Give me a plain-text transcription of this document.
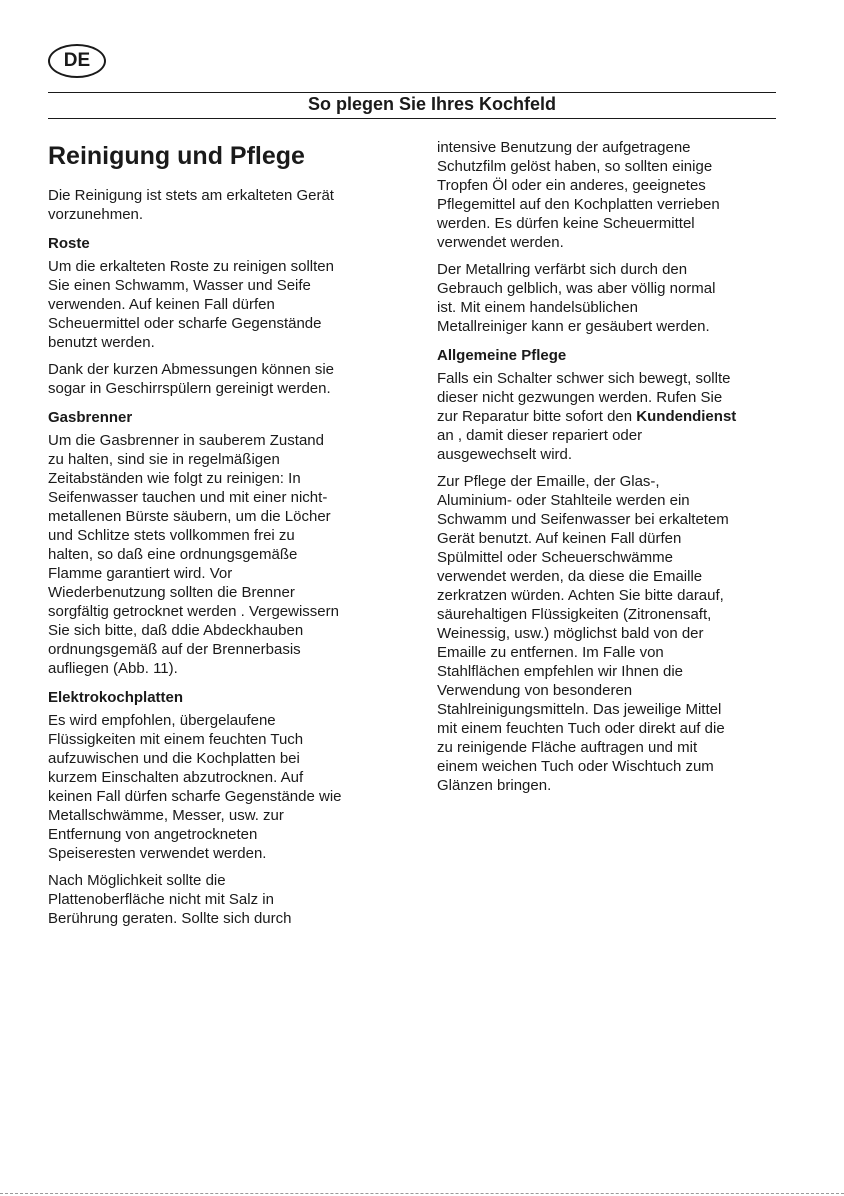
DE
So plegen Sie Ihres Kochfeld
Reinigung und Pflege
Die Reinigung ist stets am erkalteten Gerät
vorzunehmen.
Roste
Um die erkalteten Roste zu reinigen sollten
Sie einen Schwamm, Wasser und Seife
verwenden. Auf keinen Fall dürfen
Scheuermittel oder scharfe Gegenstände
benutzt werden.
Dank der kurzen Abmessungen können sie
sogar in Geschirrspülern gereinigt werden.
Gasbrenner
Um die Gasbrenner in sauberem Zustand
zu halten, sind sie in regelmäßigen
Zeitabständen wie folgt zu reinigen: In
Seifenwasser tauchen und mit einer nicht-
metallenen Bürste säubern, um die Löcher
und Schlitze stets vollkommen frei zu
halten, so daß eine ordnungsgemäße
Flamme garantiert wird. Vor
Wiederbenutzung sollten die Brenner
sorgfältig getrocknet werden . Vergewissern
Sie sich bitte, daß ddie Abdeckhauben
ordnungsgemäß auf der Brennerbasis
aufliegen (Abb. 11).
Elektrokochplatten
Es wird empfohlen, übergelaufene
Flüssigkeiten mit einem feuchten Tuch
aufzuwischen und die Kochplatten bei
kurzem Einschalten abzutrocknen. Auf
keinen Fall dürfen scharfe Gegenstände wie
Metallschwämme, Messer, usw. zur
Entfernung von angetrockneten
Speiseresten verwendet werden.
Nach Möglichkeit sollte die
Plattenoberfläche nicht mit Salz in
Berührung geraten. Sollte sich durch
intensive Benutzung der aufgetragene
Schutzfilm gelöst haben, so sollten einige
Tropfen Öl oder ein anderes, geeignetes
Pflegemittel auf den Kochplatten verrieben
werden. Es dürfen keine Scheuermittel
verwendet werden.
Der Metallring verfärbt sich durch den
Gebrauch gelblich, was aber völlig normal
ist. Mit einem handelsüblichen
Metallreiniger kann er gesäubert werden.
Allgemeine Pflege
Falls ein Schalter schwer sich bewegt, sollte
dieser nicht gezwungen werden. Rufen Sie
zur Reparatur bitte sofort den Kundendienst
an , damit dieser repariert oder
ausgewechselt wird.
Zur Pflege der Emaille, der Glas-,
Aluminium- oder Stahlteile werden ein
Schwamm und Seifenwasser bei erkaltetem
Gerät benutzt. Auf keinen Fall dürfen
Spülmittel oder Scheuerschwämme
verwendet werden, da diese die Emaille
zerkratzen würden. Achten Sie bitte darauf,
säurehaltigen Flüssigkeiten (Zitronensaft,
Weinessig, usw.) möglichst bald von der
Emaille zu entfernen. Im Falle von
Stahlflächen empfehlen wir Ihnen die
Verwendung von besonderen
Stahlreinigungsmitteln. Das jeweilige Mittel
mit einem feuchten Tuch oder direkt auf die
zu reinigende Fläche auftragen und mit
einem weichen Tuch oder Wischtuch zum
Glänzen bringen.
